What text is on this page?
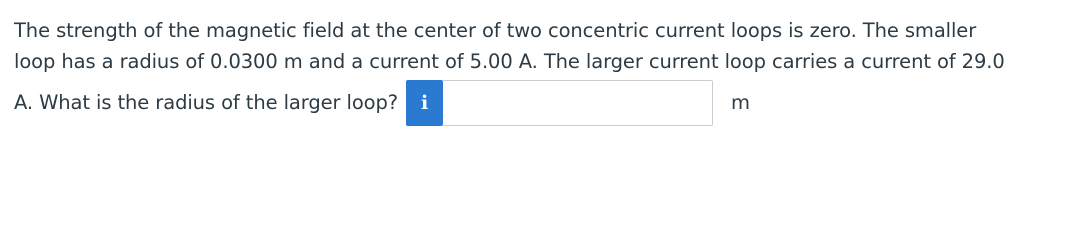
The strength of the magnetic field at the center of two concentric current loops is zero. The smaller
loop has a radius of 0.0300 m and a current of 5.00 A. The larger current loop carries a current of 29.0
A. What is the radius of the larger loop? i	m
